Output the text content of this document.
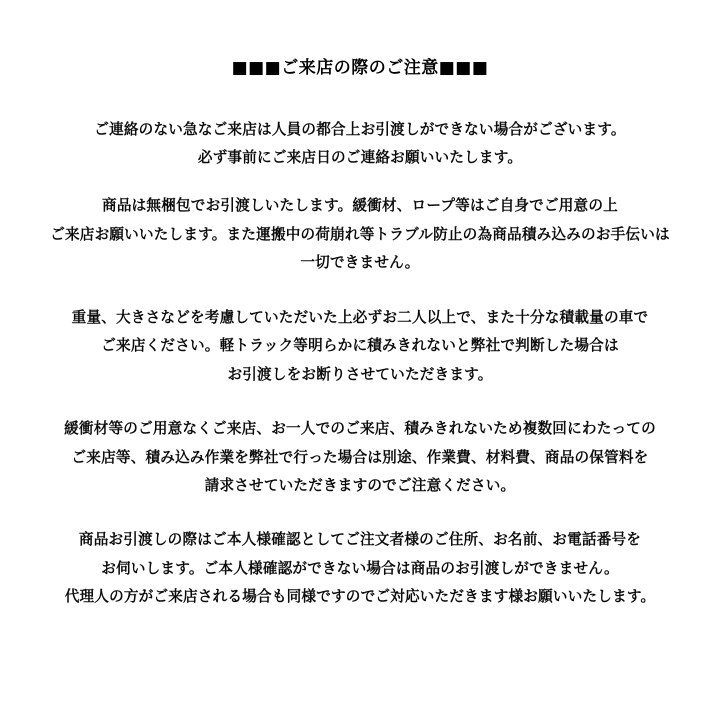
■■■ご来店の際のご注意■■■

ご連絡のない急なご来店は人員の都合上お引渡しができない場合がございます。
必ず事前にご来店日のご連絡お願いいたします。

商品は無梱包でお引渡しいたします。緩衝材、ロープ等はご自身でご用意の上
ご来店お願いいたします。また運搬中の荷崩れ等トラブル防止の為商品積み込みのお手伝いは
一切できません。

重量、大きさなどを考慮していただいた上必ずお二人以上で、また十分な積載量の車で
ご来店ください。軽トラック等明らかに積みきれないと弊社で判断した場合は
お引渡しをお断りさせていただきます。

緩衝材等のご用意なくご来店、お一人でのご来店、積みきれないため複数回にわたっての
ご来店等、積み込み作業を弊社で行った場合は別途、作業費、材料費、商品の保管料を
請求させていただきますのでご注意ください。

商品お引渡しの際はご本人様確認としてご注文者様のご住所、お名前、お電話番号を
お伺いします。ご本人様確認ができない場合は商品のお引渡しができません。
代理人の方がご来店される場合も同様ですのでご対応いただきます様お願いいたします。
